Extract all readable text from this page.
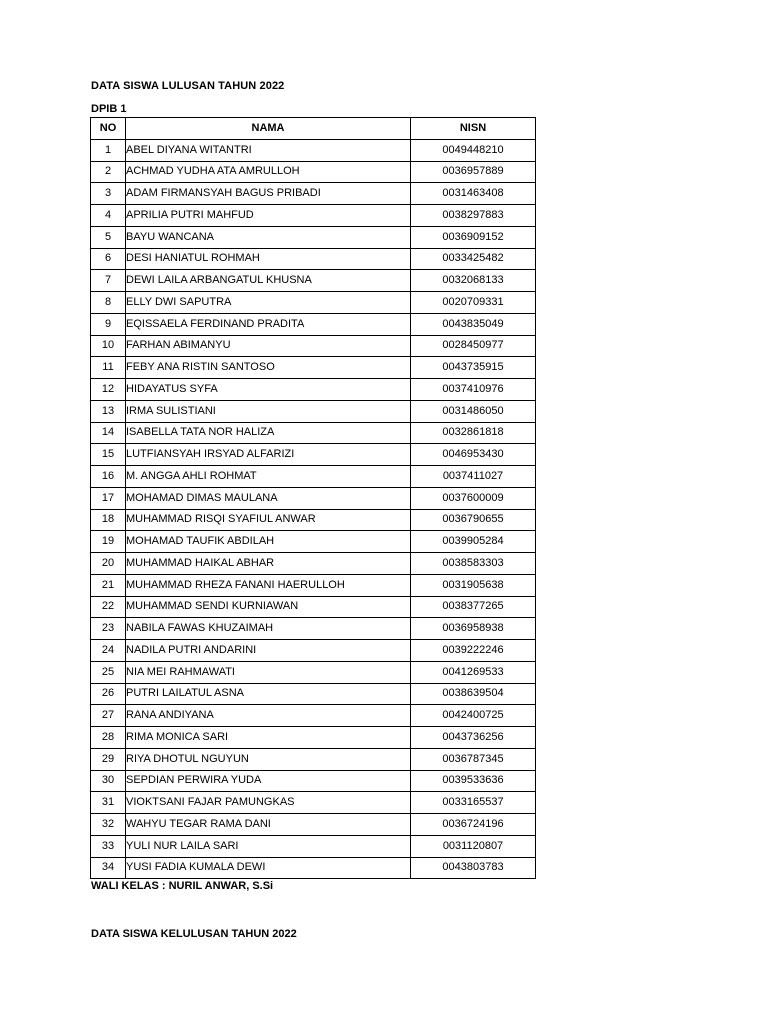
DATA SISWA LULUSAN TAHUN 2022
DPIB 1
NO	NAMA	NISN
1	ABEL DIYANA WITANTRI	0049448210
2	ACHMAD YUDHA ATA AMRULLOH	0036957889
3	ADAM FIRMANSYAH BAGUS PRIBADI	0031463408
4	APRILIA PUTRI MAHFUD	0038297883
5	BAYU WANCANA	0036909152
6	DESI HANIATUL ROHMAH	0033425482
7	DEWI LAILA ARBANGATUL KHUSNA	0032068133
8	ELLY DWI SAPUTRA	0020709331
9	EQISSAELA FERDINAND PRADITA	0043835049
10	FARHAN ABIMANYU	0028450977
11	FEBY ANA RISTIN SANTOSO	0043735915
12	HIDAYATUS SYFA	0037410976
13	IRMA SULISTIANI	0031486050
14	ISABELLA TATA NOR HALIZA	0032861818
15	LUTFIANSYAH IRSYAD ALFARIZI	0046953430
16	M. ANGGA AHLI ROHMAT	0037411027
17	MOHAMAD DIMAS MAULANA	0037600009
18	MUHAMMAD RISQI SYAFIUL ANWAR	0036790655
19	MOHAMAD TAUFIK ABDILAH	0039905284
20	MUHAMMAD HAIKAL ABHAR	0038583303
21	MUHAMMAD RHEZA FANANI HAERULLOH	0031905638
22	MUHAMMAD SENDI KURNIAWAN	0038377265
23	NABILA FAWAS KHUZAIMAH	0036958938
24	NADILA PUTRI ANDARINI	0039222246
25	NIA MEI RAHMAWATI	0041269533
26	PUTRI LAILATUL ASNA	0038639504
27	RANA ANDIYANA	0042400725
28	RIMA MONICA SARI	0043736256
29	RIYA DHOTUL NGUYUN	0036787345
30	SEPDIAN PERWIRA YUDA	0039533636
31	VIOKTSANI FAJAR PAMUNGKAS	0033165537
32	WAHYU TEGAR RAMA DANI	0036724196
33	YULI NUR LAILA SARI	0031120807
34	YUSI FADIA KUMALA DEWI	0043803783
WALI KELAS : NURIL ANWAR, S.Si
DATA SISWA KELULUSAN TAHUN 2022
